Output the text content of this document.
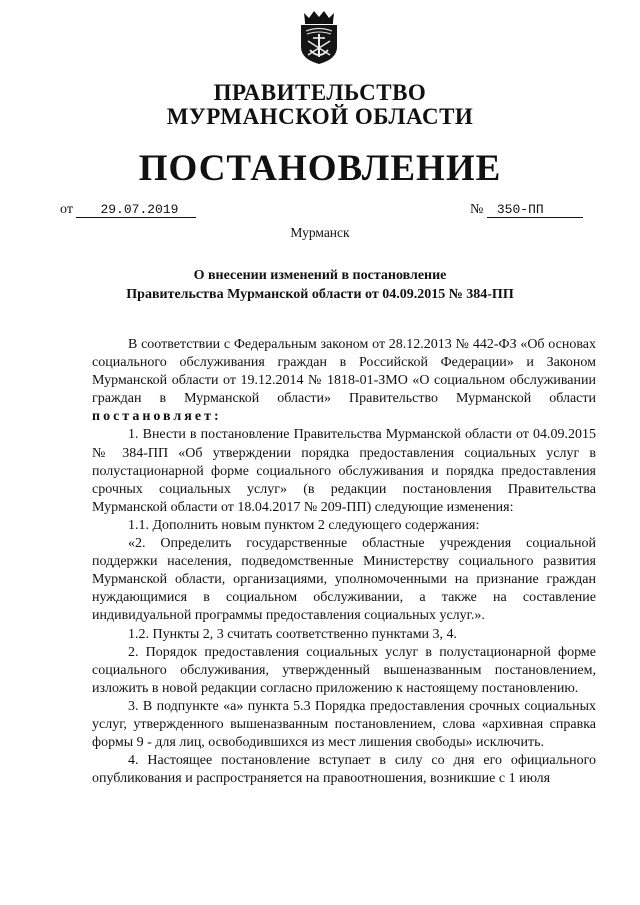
ПРАВИТЕЛЬСТВО
МУРМАНСКОЙ ОБЛАСТИ
ПОСТАНОВЛЕНИЕ
от 29.07.2019	№ 350-ПП
Мурманск
О внесении изменений в постановление
Правительства Мурманской области от 04.09.2015 № 384-ПП

В соответствии с Федеральным законом от 28.12.2013 № 442-ФЗ «Об основах социального обслуживания граждан в Российской Федерации» и Законом Мурманской области от 19.12.2014 № 1818-01-ЗМО «О социальном обслуживании граждан в Мурманской области» Правительство Мурманской области постановляет:

1. Внести в постановление Правительства Мурманской области от 04.09.2015 № 384-ПП «Об утверждении порядка предоставления социальных услуг в полустационарной форме социального обслуживания и порядка предоставления срочных социальных услуг» (в редакции постановления Правительства Мурманской области от 18.04.2017 № 209-ПП) следующие изменения:

1.1. Дополнить новым пунктом 2 следующего содержания:

«2. Определить государственные областные учреждения социальной поддержки населения, подведомственные Министерству социального развития Мурманской области, организациями, уполномоченными на признание граждан нуждающимися в социальном обслуживании, а также на составление индивидуальной программы предоставления социальных услуг.».

1.2. Пункты 2, 3 считать соответственно пунктами 3, 4.

2. Порядок предоставления социальных услуг в полустационарной форме социального обслуживания, утвержденный вышеназванным постановлением, изложить в новой редакции согласно приложению к настоящему постановлению.

3. В подпункте «а» пункта 5.3 Порядка предоставления срочных социальных услуг, утвержденного вышеназванным постановлением, слова «архивная справка формы 9 - для лиц, освободившихся из мест лишения свободы» исключить.

4. Настоящее постановление вступает в силу со дня его официального опубликования и распространяется на правоотношения, возникшие с 1 июля
